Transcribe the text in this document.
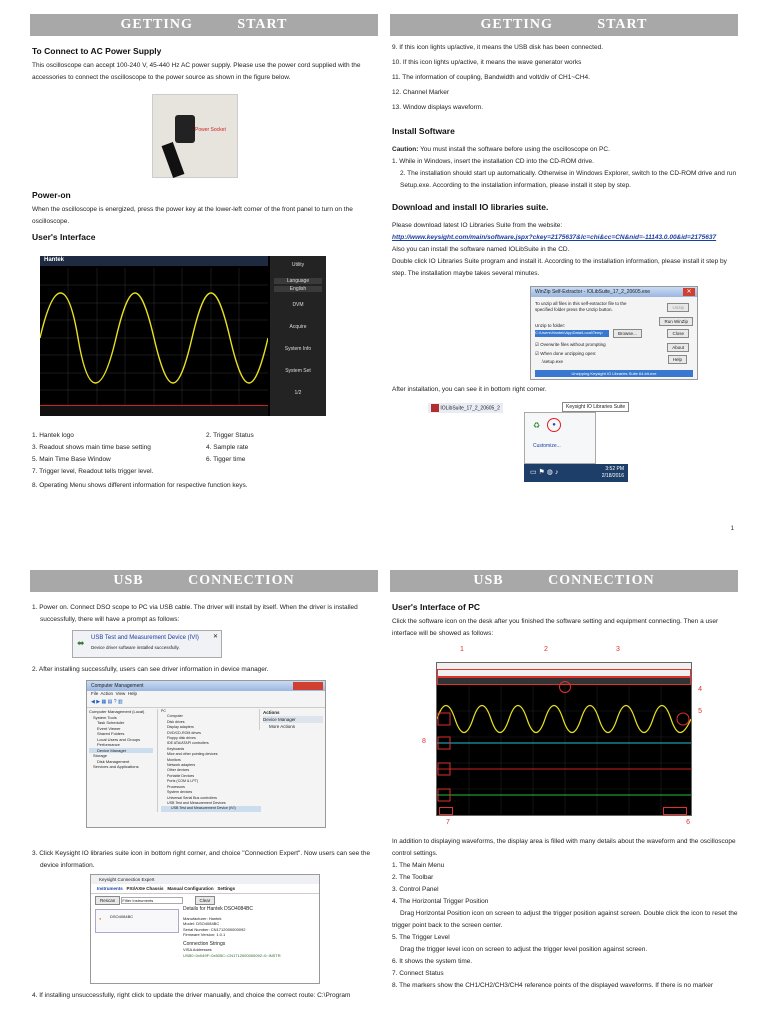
GETTING START
To Connect to AC Power Supply
This oscilloscope can accept 100-240 V, 45-440 Hz AC power supply. Please use the power cord supplied with the accessories to connect the oscilloscope to the power source as shown in the figure below.
Power Socket
Power-on
When the oscilloscope is energized, press the power key at the lower-left corner of the front panel to turn on the oscilloscope.
User's Interface
Hantek
Utility
Language
English
DVM
Acquire
System Info
System Set
1/2
1. Hantek logo
3. Readout shows main time base setting
5. Main Time Base Window
7. Trigger level, Readout tells trigger level.
2. Trigger Status
4. Sample rate
6. Tigger time
8. Operating Menu shows different information for respective function keys.
GETTING START
9. If this icon lights up/active, it means the USB disk has been connected.
10. If this icon lights up/active, it means the wave generator works
11. The information of coupling, Bandwidth and volt/div of CH1~CH4.
12. Channel Marker
13. Window displays waveform.
Install Software
Caution: You must install the software before using the oscilloscope on PC.
1. While in Windows, insert the installation CD into the CD-ROM drive.
2. The installation should start up automatically. Otherwise in Windows Explorer, switch to the CD-ROM drive and run Setup.exe. According to the installation information, please install it step by step.
Download and install IO libraries suite.
Please download latest IO Libraries Suite from the website:
http://www.keysight.com/main/software.jspx?ckey=2175637&lc=chi&cc=CN&nid=-11143.0.00&id=2175637
Also you can install the software named IOLibSuite in the CD.
Double click IO Libraries Suite program and install it. According to the installation information, please install it step by step. The installation maybe takes several minutes.
WinZip Self-Extractor - IOLibSuite_17_2_20605.exe	✕
To unzip all files in this self-extractor file to the specified folder press the Unzip button.
Unzip to folder:
C:\Users\Hantek\AppData\Local\Temp	Browse...
☑ Overwrite files without prompting
☑ When done unzipping open:
.\setup.exe
Unzipping Keysight IO Libraries Suite 64-bit.exe
Unzip
Run WinZip
Close
About
Help
IOLibSuite_17_2_20605_2
After installation, you can see it in bottom right corner.
Keysight IO Libraries Suite
♻	●
Customize...
▭ ⚑ ◍ ♪	3:52 PM
2/18/2016
1
USB CONNECTION
1. Power on. Connect DSO scope to PC via USB cable. The driver will install by itself. When the driver is installed successfully, there will have a prompt as follows:
⬌ USB Test and Measurement Device (IVI)
Device driver software installed successfully.
✕
2. After installing successfully, users can see driver information in device manager.
Computer Management
File Action View Help
◀ ▶ ▦ ▤ ? ▥
Computer Management (Local)
System Tools
Task Scheduler
Event Viewer
Shared Folders
Local Users and Groups
Performance
Device Manager
Storage
Disk Management
Services and Applications
PC
Computer
Disk drives
Display adapters
DVD/CD-ROM drives
Floppy disk drives
IDE ATA/ATAPI controllers
Keyboards
Mice and other pointing devices
Monitors
Network adapters
Other devices
Portable Devices
Ports (COM & LPT)
Processors
System devices
Universal Serial Bus controllers
USB Test and Measurement Devices
USB Test and Measurement Device (IVI)
Actions
Device Manager
More Actions
3. Click Keysight IO libraries suite icon in bottom right corner, and choice "Connection Expert". Now users can see the device information.
Keysight Connection Expert
Instruments PXI/AXIe Chassis Manual Configuration Settings
Rescan Filter Instruments	Clear
● DSO4084BC
Details for Hantek DSO4084BC
Manufacturer: Hantek
Model: DSO4084BC
Serial Number: CN1712000000092
Firmware Version: 1.0.1
Connection Strings
VISA Addresses
USB0::0x049F::0x505C::CN1712000000092::0::INSTR
4. If installing unsuccessfully, right click to update the driver manually, and choice the correct route: C:\Program
USB CONNECTION
User's Interface of PC
Click the software icon on the desk after you finished the software setting and equipment connecting. Then a user interface will be showed as follows:
1	2	3
4
5
8
7	6
In addition to displaying waveforms, the display area is filled with many details about the waveform and the oscilloscope control settings.
1. The Main Menu
2. The Toolbar
3. Control Panel
4. The Horizontal Trigger Position
Drag Horizontal Position icon on screen to adjust the trigger position against screen. Double click the icon to reset the trigger point back to the screen center.
5. The Trigger Level
Drag the trigger level icon on screen to adjust the trigger level position against screen.
6. It shows the system time.
7. Connect Status
8. The markers show the CH1/CH2/CH3/CH4 reference points of the displayed waveforms. If there is no marker
